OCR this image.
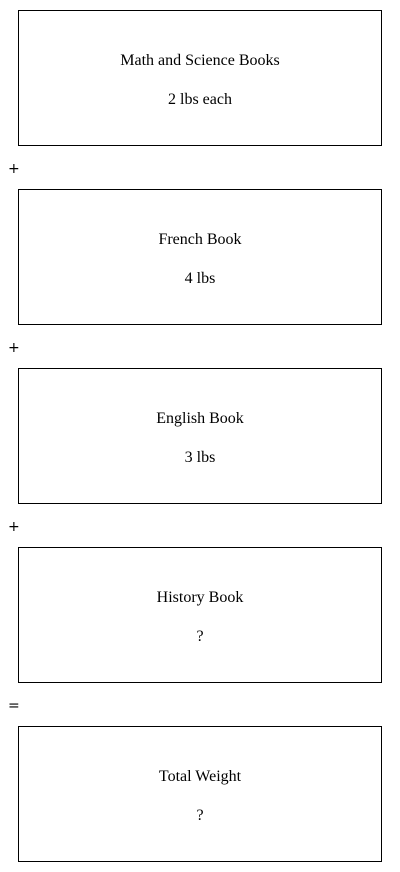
Math and Science Books
2 lbs each
+
French Book
4 lbs
+
English Book
3 lbs
+
History Book
?
=
Total Weight
?
